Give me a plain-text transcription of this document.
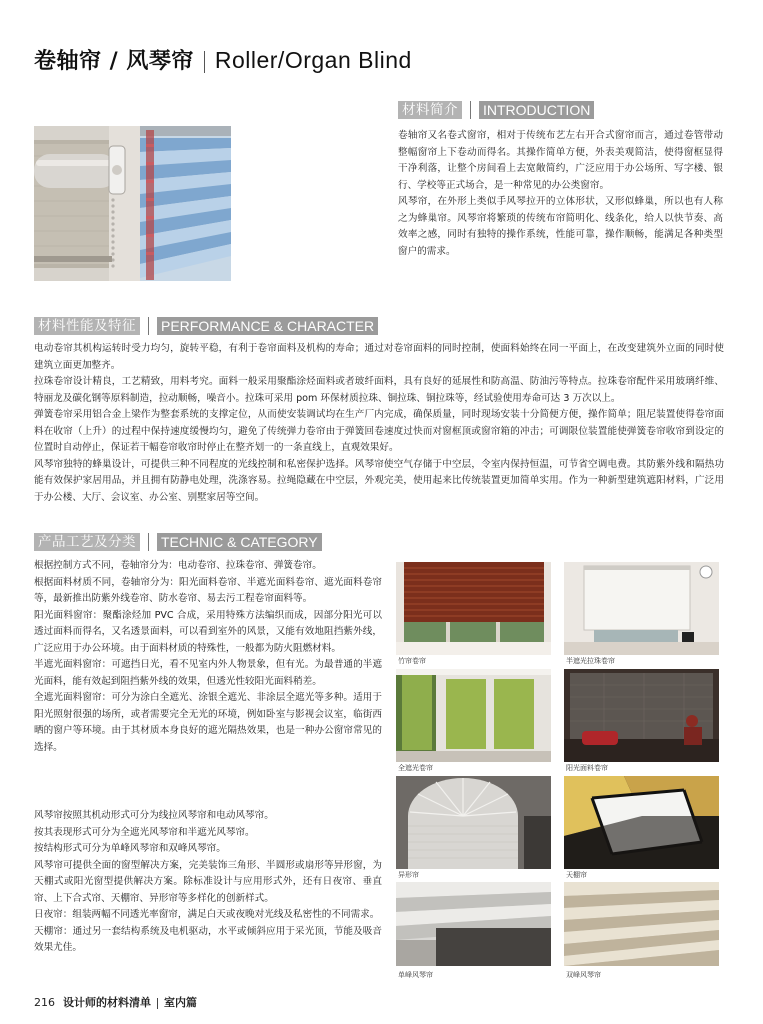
卷轴帘 / 风琴帘 Roller/Organ Blind
材料简介 INTRODUCTION
卷轴帘又名卷式窗帘，相对于传统布艺左右开合式窗帘而言，通过卷管带动整幅窗帘上下卷动而得名。其操作简单方便，外表美观简洁，使得窗框显得干净利落，让整个房间看上去宽敞简约，广泛应用于办公场所、写字楼、银行、学校等正式场合，是一种常见的办公类窗帘。
风琴帘，在外形上类似手风琴拉开的立体形状，又形似蜂巢，所以也有人称之为蜂巢帘。风琴帘将繁琐的传统布帘简明化、线条化，给人以快节奏、高效率之感，同时有独特的操作系统，性能可靠，操作顺畅，能满足各种类型窗户的需求。
材料性能及特征 PERFORMANCE & CHARACTER
电动卷帘其机构运转时受力均匀，旋转平稳，有利于卷帘面料及机构的寿命；通过对卷帘面料的同时控制，使面料始终在同一平面上，在改变建筑外立面的同时使建筑立面更加整齐。
拉珠卷帘设计精良，工艺精致，用料考究。面料一般采用聚酯涂烃面料或者玻纤面料，具有良好的延展性和防高温、防油污等特点。拉珠卷帘配件采用玻璃纤维、特丽龙及碳化钢等原料制造，拉动顺畅，噪音小。拉珠可采用 pom 环保材质拉珠、铜拉珠、铜拉珠等，经试验使用寿命可达 3 万次以上。
弹簧卷帘采用铝合金上梁作为整套系统的支撑定位，从而使安装调试均在生产厂内完成，确保质量，同时现场安装十分简便方便，操作简单；阻尼装置使得卷帘面料在收帘（上升）的过程中保持速度缓慢均匀，避免了传统弹力卷帘由于弹簧回卷速度过快而对窗框顶或窗帘箱的冲击；可调限位装置能使弹簧卷帘收帘到设定的位置时自动停止，保证若干幅卷帘收帘时停止在整齐划一的一条直线上，直观效果好。
风琴帘独特的蜂巢设计，可提供三种不同程度的光线控制和私密保护选择。风琴帘使空气存储于中空层，令室内保持恒温，可节省空调电费。其防紫外线和隔热功能有效保护家居用品，并且拥有防静电处理，洗涤容易。拉绳隐藏在中空层，外观完美，使用起来比传统装置更加简单实用。作为一种新型建筑遮阳材料，广泛用于办公楼、大厅、会议室、办公室、别墅家居等空间。
产品工艺及分类 TECHNIC & CATEGORY
根据控制方式不同，卷轴帘分为：电动卷帘、拉珠卷帘、弹簧卷帘。
根据面料材质不同，卷轴帘分为：阳光面料卷帘、半遮光面料卷帘、遮光面料卷帘等，最新推出防紫外线卷帘、防水卷帘、易去污工程卷帘面料等。
阳光面料窗帘：聚酯涂烃加 PVC 合成，采用特殊方法编织而成，因部分阳光可以透过面料而得名，又名透景面料，可以看到室外的风景，又能有效地阻挡紫外线，广泛应用于办公环境。由于面料材质的特殊性，一般都为防火阻燃材料。
半遮光面料窗帘：可遮挡日光，看不见室内外人物景象，但有光。为最普通的半遮光面料，能有效起到阻挡紫外线的效果，但透光性较阳光面料稍差。
全遮光面料窗帘：可分为涂白全遮光、涂银全遮光、非涂层全遮光等多种。适用于阳光照射很强的场所，或者需要完全无光的环境，例如卧室与影视会议室，临街西晒的窗户等环境。由于其材质本身良好的遮光隔热效果，也是一种办公窗帘常见的选择。
风琴帘按照其机动形式可分为线拉风琴帘和电动风琴帘。
按其表现形式可分为全遮光风琴帘和半遮光风琴帘。
按结构形式可分为单峰风琴帘和双峰风琴帘。
风琴帘可提供全面的窗型解决方案，完美装饰三角形、半圆形或扇形等异形窗，为天棚式或阳光窗型提供解决方案。除标准设计与应用形式外，还有日夜帘、垂直帘、上下合式帘、天棚帘、异形帘等多样化的创新样式。
日夜帘：组装两幅不同透光率窗帘，满足白天或夜晚对光线及私密性的不同需求。
天棚帘：通过另一套结构系统及电机驱动，水平或倾斜应用于采光顶，节能及吸音效果尤佳。
竹帘卷帘	半遮光拉珠卷帘
全遮光卷帘	阳光面料卷帘
异形帘	天棚帘
单峰风琴帘	双峰风琴帘
216 设计师的材料清单 室内篇
